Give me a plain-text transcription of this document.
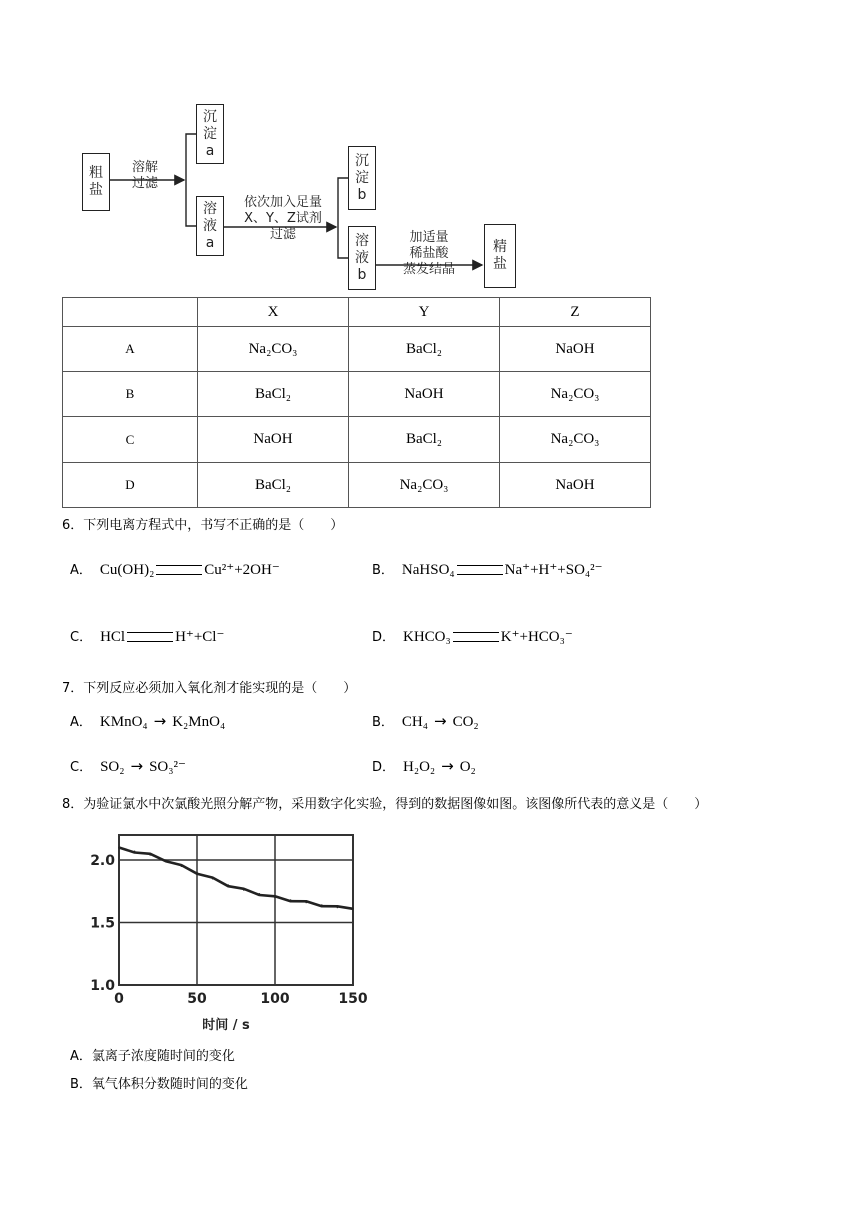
粗
盐
溶解
过滤
沉
淀
a
溶
液
a
依次加入足量
X、Y、Z试剂
过滤
沉
淀
b
溶
液
b
加适量
稀盐酸
蒸发结晶
精
盐
	X	Y	Z
A	Na₂CO₃	BaCl₂	NaOH
B	BaCl₂	NaOH	Na₂CO₃
C	NaOH	BaCl₂	Na₂CO₃
D	BaCl₂	Na₂CO₃	NaOH
6．下列电离方程式中，书写不正确的是（　　）
A． Cu(OH)₂	Cu²⁺+2OH⁻	B． NaHSO₄	Na⁺+H⁺+SO₄²⁻
C． HCl	H⁺+Cl⁻	D． KHCO₃	K⁺+HCO₃⁻
7．下列反应必须加入氧化剂才能实现的是（　　）
A． KMnO₄ → K₂MnO₄	B． CH₄ → CO₂
C． SO₂ → SO₃²⁻	D． H₂O₂ → O₂
8．为验证氯水中次氯酸光照分解产物，采用数字化实验，得到的数据图像如图。该图像所代表的意义是（　　）
0	50	100	150
1.0
1.5
2.0
时间 / s
A．氯离子浓度随时间的变化
B．氧气体积分数随时间的变化
